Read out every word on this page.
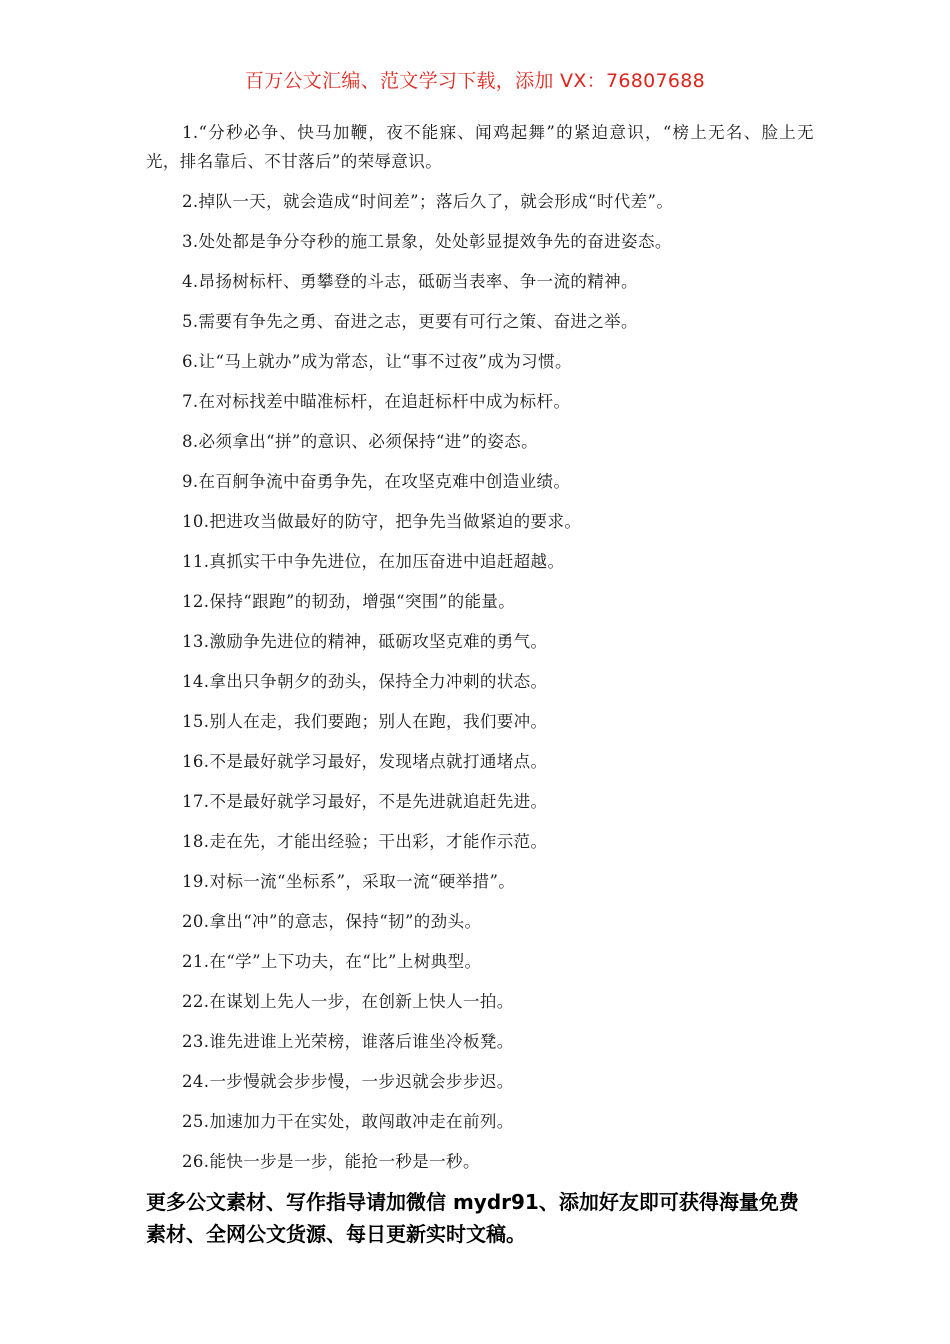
百万公文汇编、范文学习下载，添加 VX：76807688

1.“分秒必争、快马加鞭，夜不能寐、闻鸡起舞”的紧迫意识，“榜上无名、脸上无光，排名靠后、不甘落后”的荣辱意识。

2.掉队一天，就会造成“时间差”；落后久了，就会形成“时代差”。

3.处处都是争分夺秒的施工景象，处处彰显提效争先的奋进姿态。

4.昂扬树标杆、勇攀登的斗志，砥砺当表率、争一流的精神。

5.需要有争先之勇、奋进之志，更要有可行之策、奋进之举。

6.让“马上就办”成为常态，让“事不过夜”成为习惯。

7.在对标找差中瞄准标杆，在追赶标杆中成为标杆。

8.必须拿出“拼”的意识、必须保持“进”的姿态。

9.在百舸争流中奋勇争先，在攻坚克难中创造业绩。

10.把进攻当做最好的防守，把争先当做紧迫的要求。

11.真抓实干中争先进位，在加压奋进中追赶超越。

12.保持“跟跑”的韧劲，增强“突围”的能量。

13.激励争先进位的精神，砥砺攻坚克难的勇气。

14.拿出只争朝夕的劲头，保持全力冲刺的状态。

15.别人在走，我们要跑；别人在跑，我们要冲。

16.不是最好就学习最好，发现堵点就打通堵点。

17.不是最好就学习最好，不是先进就追赶先进。

18.走在先，才能出经验；干出彩，才能作示范。

19.对标一流“坐标系”，采取一流“硬举措”。

20.拿出“冲”的意志，保持“韧”的劲头。

21.在“学”上下功夫，在“比”上树典型。

22.在谋划上先人一步，在创新上快人一拍。

23.谁先进谁上光荣榜，谁落后谁坐冷板凳。

24.一步慢就会步步慢，一步迟就会步步迟。

25.加速加力干在实处，敢闯敢冲走在前列。

26.能快一步是一步，能抢一秒是一秒。

更多公文素材、写作指导请加微信 mydr91、添加好友即可获得海量免费素材、全网公文货源、每日更新实时文稿。
